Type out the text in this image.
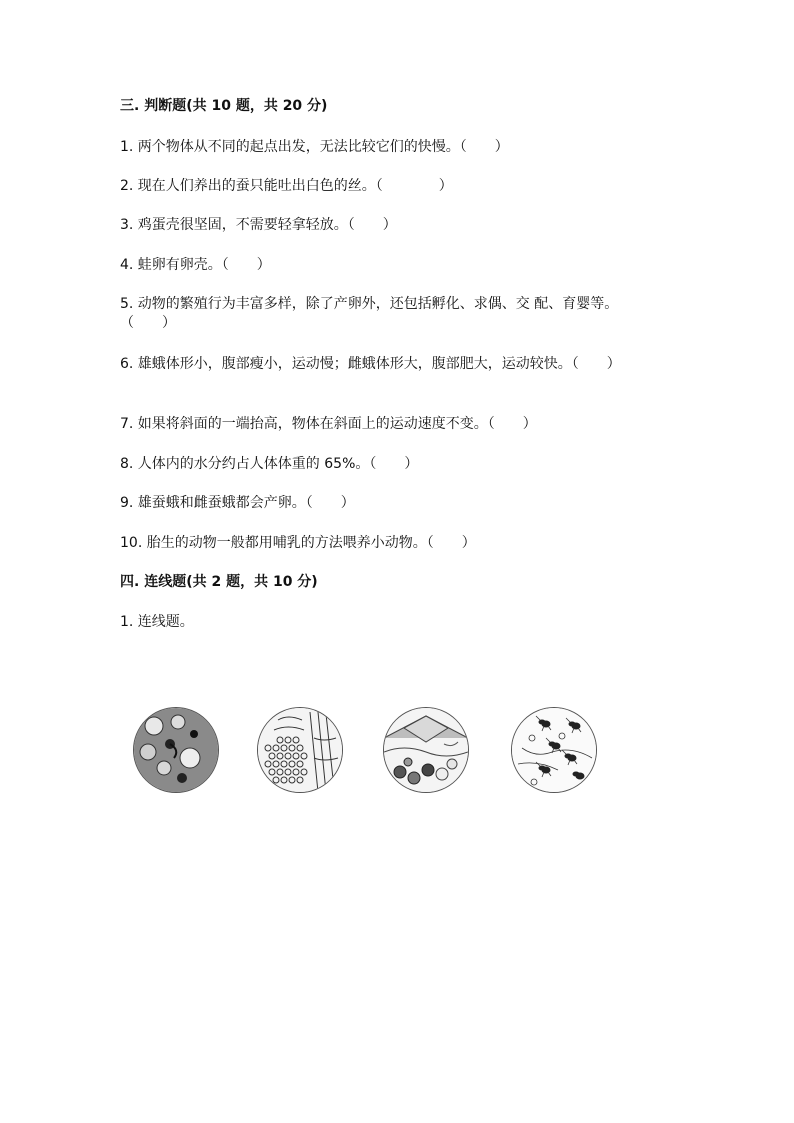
三. 判断题(共 10 题，共 20 分)
1. 两个物体从不同的起点出发，无法比较它们的快慢。（　　）
2. 现在人们养出的蚕只能吐出白色的丝。（　　　　）
3. 鸡蛋壳很坚固，不需要轻拿轻放。（　　）
4. 蛙卵有卵壳。（　　）
5. 动物的繁殖行为丰富多样，除了产卵外，还包括孵化、求偶、交 配、育婴等。（　　）
6. 雄蛾体形小，腹部瘦小，运动慢；雌蛾体形大，腹部肥大，运动较快。（　　）
7. 如果将斜面的一端抬高，物体在斜面上的运动速度不变。（　　）
8. 人体内的水分约占人体体重的 65%。（　　）
9. 雄蚕蛾和雌蚕蛾都会产卵。（　　）
10. 胎生的动物一般都用哺乳的方法喂养小动物。（　　）
四. 连线题(共 2 题，共 10 分)
1. 连线题。
